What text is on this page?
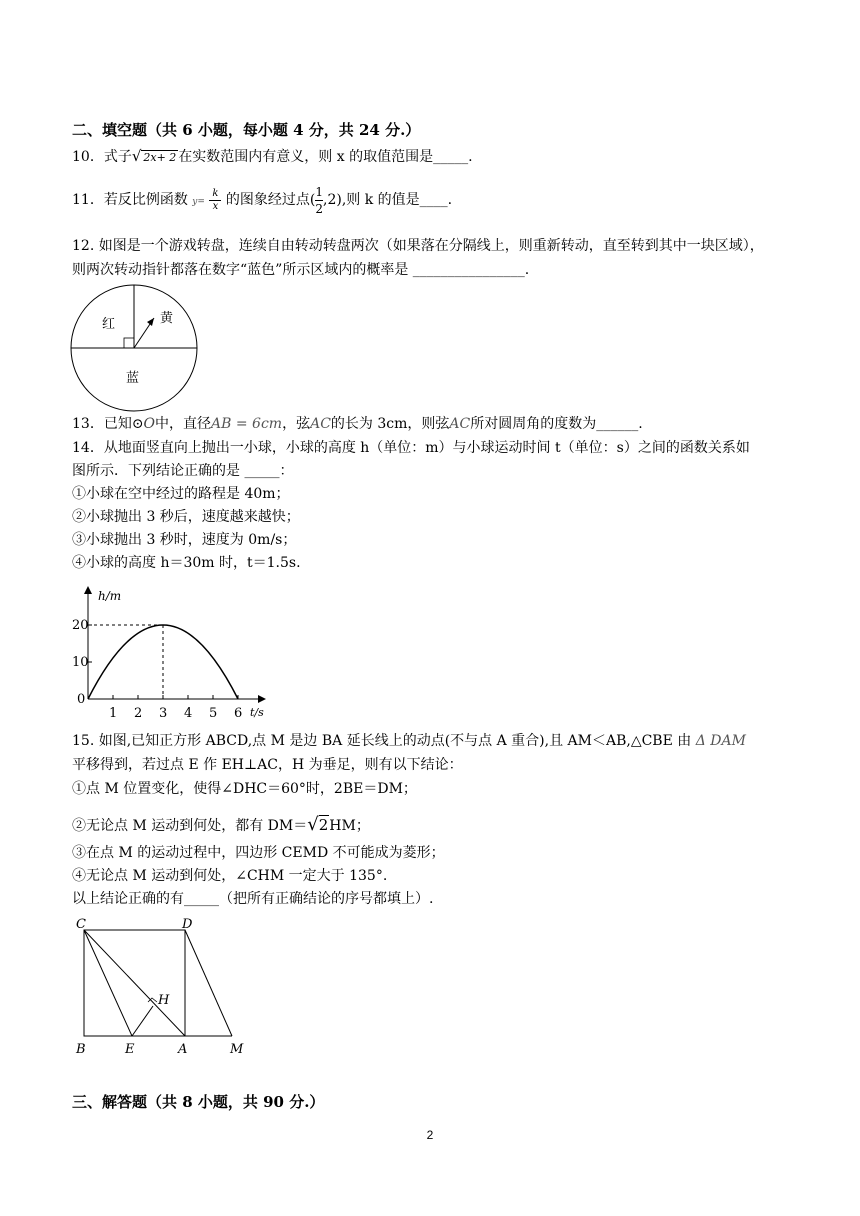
二、填空题（共 6 小题，每小题 4 分，共 24 分.）
10．式子√ 2x+ 2 在实数范围内有意义，则 x 的取值范围是_____.
11．若反比例函数 $y= \frac{k}{x}$ 的图象经过点( $\frac{1}{2} ,2$),则 k 的值是____.
12. 如图是一个游戏转盘，连续自由转动转盘两次（如果落在分隔线上，则重新转动，直至转到其中一块区域），
则两次转动指针都落在数字“蓝色”所示区域内的概率是 ________________.
红	黄
蓝
13．已知⊙O中，直径AB = 6cm，弦AC的长为 3cm，则弦AC所对圆周角的度数为______.
14．从地面竖直向上抛出一小球，小球的高度 h（单位：m）与小球运动时间 t（单位：s）之间的函数关系如
图所示．下列结论正确的是 _____：
①小球在空中经过的路程是 40m；
②小球抛出 3 秒后，速度越来越快；
③小球抛出 3 秒时，速度为 0m/s；
④小球的高度 h＝30m 时，t＝1.5s.
h/m
t/s
20
10
0
1 2 3 4 5 6
15. 如图,已知正方形 ABCD,点 M 是边 BA 延长线上的动点(不与点 A 重合),且 AM＜AB,△CBE 由 Δ DAM
平移得到，若过点 E 作 EH⊥AC，H 为垂足，则有以下结论：
①点 M 位置变化，使得∠DHC＝60°时，2BE＝DM；
②无论点 M 运动到何处，都有 DM＝√2HM；
③在点 M 的运动过程中，四边形 CEMD 不可能成为菱形；
④无论点 M 运动到何处，∠CHM 一定大于 135°.
以上结论正确的有_____（把所有正确结论的序号都填上）.
C	D
H
B	E	A	M
三、解答题（共 8 小题，共 90 分.）
2
